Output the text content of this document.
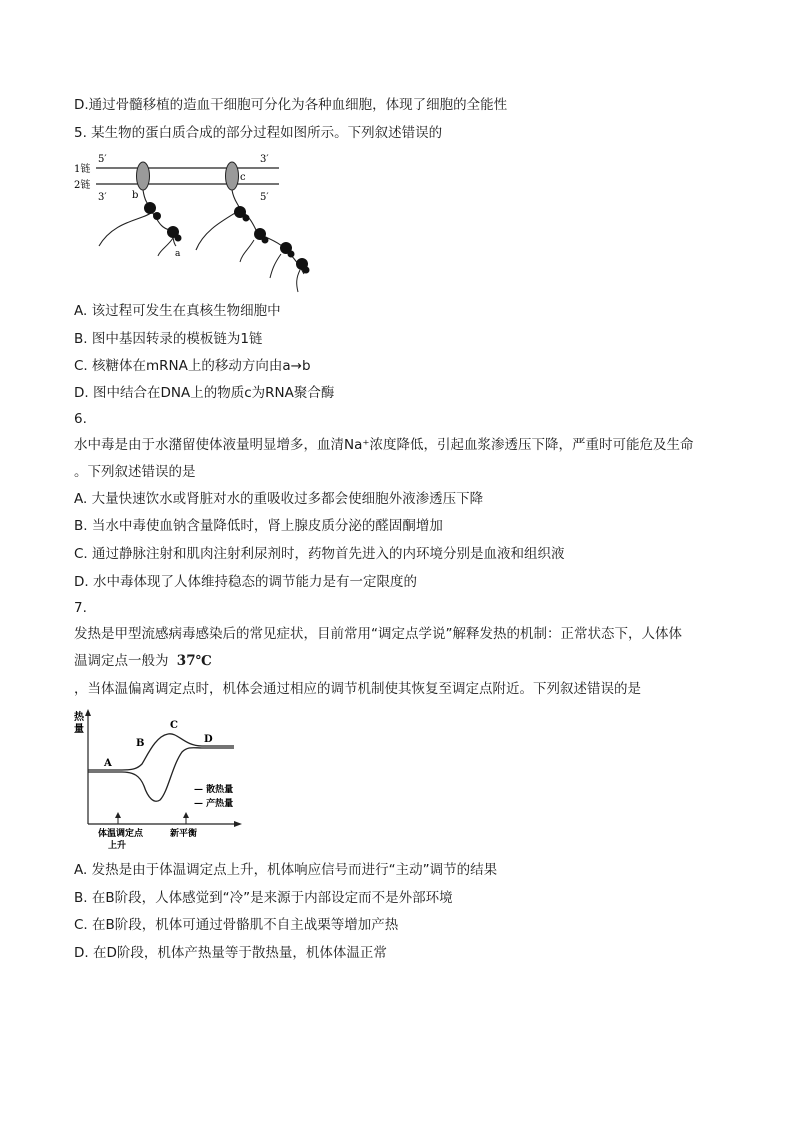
D.通过骨髓移植的造血干细胞可分化为各种血细胞，体现了细胞的全能性
5. 某生物的蛋白质合成的部分过程如图所示。下列叙述错误的
1链
2链
5′	3′
3′	5′
b
c
a
A. 该过程可发生在真核生物细胞中
B. 图中基因转录的模板链为1链
C. 核糖体在mRNA上的移动方向由a→b
D. 图中结合在DNA上的物质c为RNA聚合酶
6.
水中毒是由于水潴留使体液量明显增多，血清Na⁺浓度降低，引起血浆渗透压下降，严重时可能危及生命
。下列叙述错误的是
A. 大量快速饮水或肾脏对水的重吸收过多都会使细胞外液渗透压下降
B. 当水中毒使血钠含量降低时，肾上腺皮质分泌的醛固酮增加
C. 通过静脉注射和肌肉注射利尿剂时，药物首先进入的内环境分别是血液和组织液
D. 水中毒体现了人体维持稳态的调节能力是有一定限度的
7.
发热是甲型流感病毒感染后的常见症状，目前常用“调定点学说”解释发热的机制：正常状态下，人体体
温调定点一般为 37℃
，当体温偏离调定点时，机体会通过相应的调节机制使其恢复至调定点附近。下列叙述错误的是
热
量
A
B
C
D
— 散热量
— 产热量
体温调定点
上升
新平衡
A. 发热是由于体温调定点上升，机体响应信号而进行“主动”调节的结果
B. 在B阶段，人体感觉到“冷”是来源于内部设定而不是外部环境
C. 在B阶段，机体可通过骨骼肌不自主战栗等增加产热
D. 在D阶段，机体产热量等于散热量，机体体温正常
